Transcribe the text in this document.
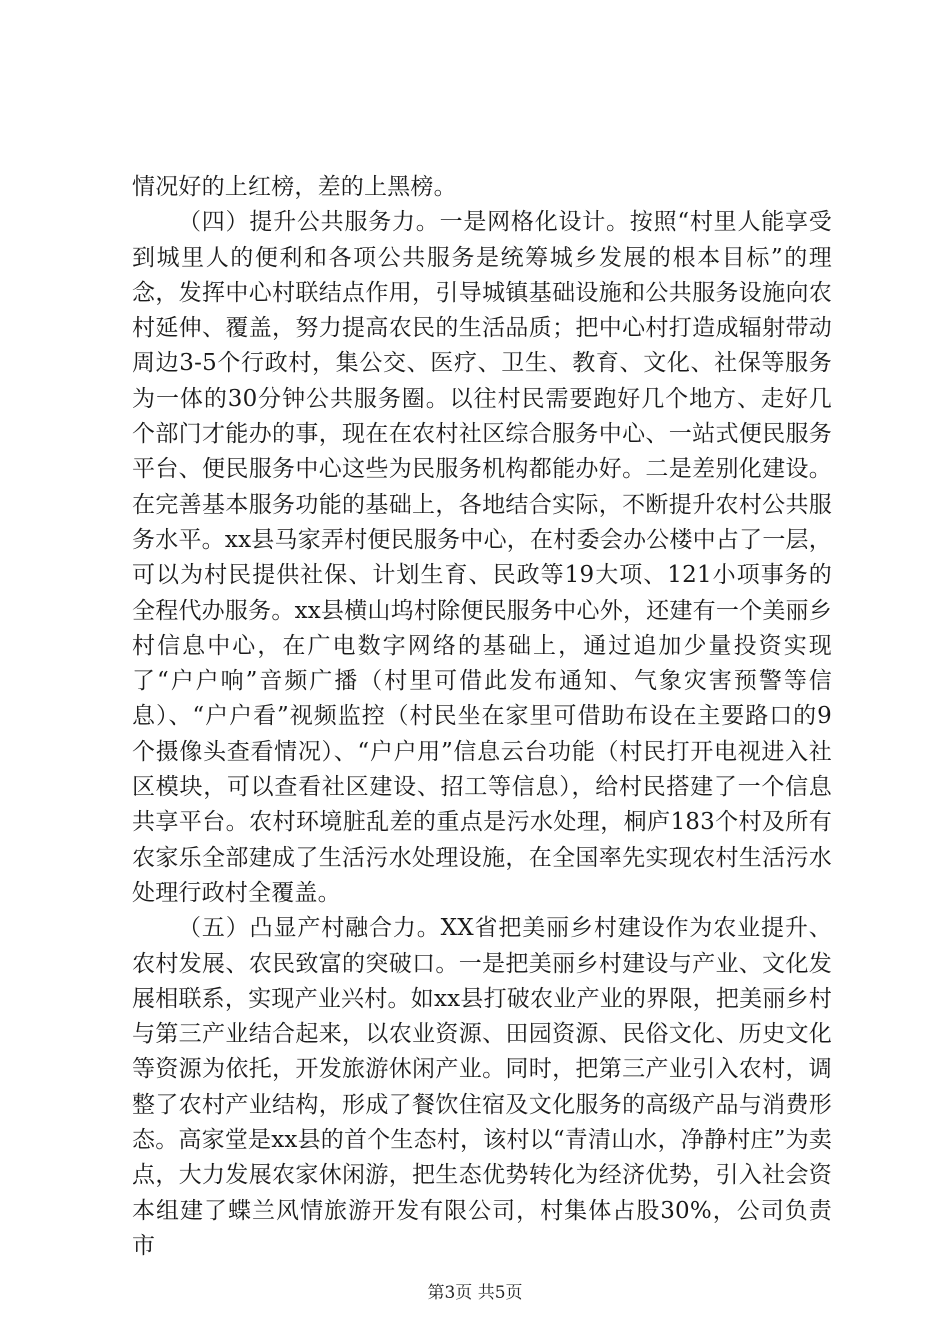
情况好的上红榜，差的上黑榜。

（四）提升公共服务力。一是网格化设计。按照“村里人能享受到城里人的便利和各项公共服务是统筹城乡发展的根本目标”的理念，发挥中心村联结点作用，引导城镇基础设施和公共服务设施向农村延伸、覆盖，努力提高农民的生活品质；把中心村打造成辐射带动周边3-5个行政村，集公交、医疗、卫生、教育、文化、社保等服务为一体的30分钟公共服务圈。以往村民需要跑好几个地方、走好几个部门才能办的事，现在在农村社区综合服务中心、一站式便民服务平台、便民服务中心这些为民服务机构都能办好。二是差别化建设。在完善基本服务功能的基础上，各地结合实际，不断提升农村公共服务水平。xx县马家弄村便民服务中心，在村委会办公楼中占了一层，可以为村民提供社保、计划生育、民政等19大项、121小项事务的全程代办服务。xx县横山坞村除便民服务中心外，还建有一个美丽乡村信息中心，在广电数字网络的基础上，通过追加少量投资实现了“户户响”音频广播（村里可借此发布通知、气象灾害预警等信息）、“户户看”视频监控（村民坐在家里可借助布设在主要路口的9个摄像头查看情况）、“户户用”信息云台功能（村民打开电视进入社区模块，可以查看社区建设、招工等信息），给村民搭建了一个信息共享平台。农村环境脏乱差的重点是污水处理，桐庐183个村及所有农家乐全部建成了生活污水处理设施，在全国率先实现农村生活污水处理行政村全覆盖。

（五）凸显产村融合力。XX省把美丽乡村建设作为农业提升、农村发展、农民致富的突破口。一是把美丽乡村建设与产业、文化发展相联系，实现产业兴村。如xx县打破农业产业的界限，把美丽乡村与第三产业结合起来，以农业资源、田园资源、民俗文化、历史文化等资源为依托，开发旅游休闲产业。同时，把第三产业引入农村，调整了农村产业结构，形成了餐饮住宿及文化服务的高级产品与消费形态。高家堂是xx县的首个生态村，该村以“青清山水，净静村庄”为卖点，大力发展农家休闲游，把生态优势转化为经济优势，引入社会资本组建了蝶兰风情旅游开发有限公司，村集体占股30%，公司负责市

第3页 共5页
